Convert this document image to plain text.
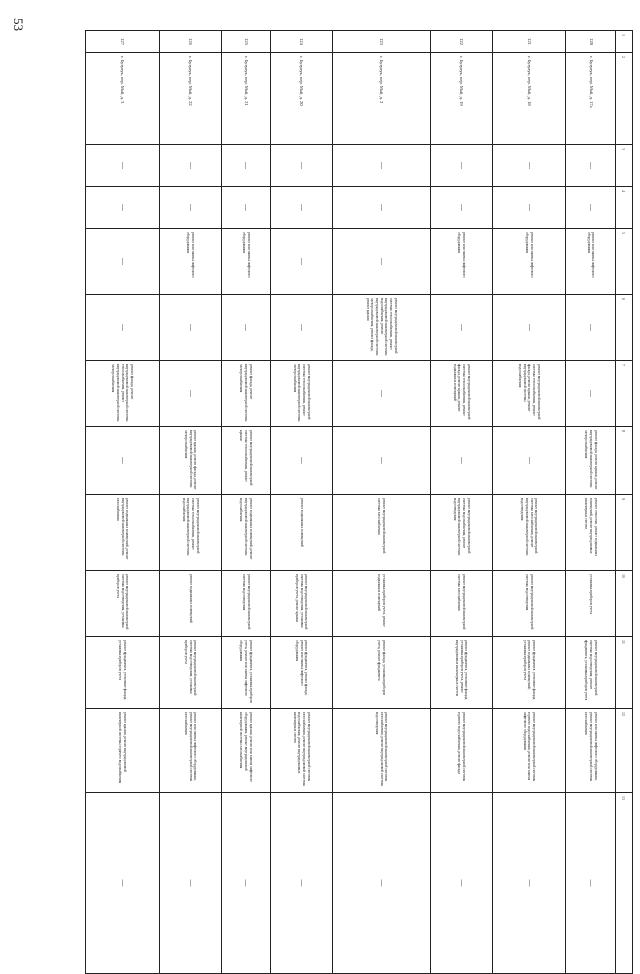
53
1	2	3	4	5	6	7	8	9	10	11	12	13
120	г. Бузулук, пер. Май, д. 17а	—	—	ремонт или замена лифтового оборудования	—	—	ремонт фасада, ремонт крыши, ремонт внутридомовой инженерной системы электроснабжения	ремонт отмостки, ремонт подвальных помещений, ремонт внутридомовых инженерных систем	установка приборов учета	ремонт внутридомовой инженерной системы водоотведения, ремонт фундамента, установка приборов учета	ремонт или замена лифтового оборудования, ремонт внутридомовой инженерной системы газоснабжения	—
121	г. Бузулук, пер. Май, д. 18	—	—	ремонт или замена лифтового оборудования	—	ремонт внутридомовой инженерной системы теплоснабжения, ремонт фасада, ремонт крыши, ремонт внутридомовой системы водоснабжения	—	ремонт внутридомовой инженерной системы газоснабжения, ремонт внутридомовой инженерной системы водоотведения	ремонт внутридомовой инженерной системы водоотведения	ремонт фундамента, утепление фасада, ремонт подвальных помещений, установка приборов учета	ремонт внутридомовой инженерной системы горячего водоснабжения, ремонт или замена лифтового оборудования	—
122	г. Бузулук, пер. Май, д. 19	—	—	ремонт или замена лифтового оборудования	—	ремонт внутридомовой инженерной системы теплоснабжения, ремонт фасада, ремонт крыши, ремонт подвальных помещений	—	ремонт внутридомовой инженерной системы водоснабжения, ремонт внутридомовой инженерной системы водоотведения	ремонт внутридомовой инженерной системы газоснабжения	ремонт фундамента, утепление фасада, установка приборов учета, ремонт внутридомовых инженерных систем	ремонт внутридомовой инженерной системы горячего водоснабжения, ремонт фасада	—
123	г. Бузулук, пер. Май, д. 2	—	—	—	ремонт внутридомовой инженерной системы теплоснабжения, ремонт внутридомовой инженерной системы водоснабжения, ремонт внутридомовой инженерной системы электроснабжения, ремонт фасада, ремонт крыши	—	—	ремонт внутридомовой инженерной системы газоснабжения	установка приборов учета, ремонт подвальных помещений	ремонт фасада, установка приборов учета, ремонт фундамента	ремонт внутридомовой инженерной системы газоснабжения, ремонт внутридомовой системы водоотведения	—
124	г. Бузулук, пер. Май, д. 20	—	—	—	—	ремонт внутридомовой инженерной системы теплоснабжения, ремонт внутридомовой инженерной системы электроснабжения	—	ремонт подвальных помещений	ремонт внутридомовой инженерной системы водоотведения, установка приборов учета, ремонт крыши	ремонт фундамента, ремонт фасада, ремонт или замена лифтового оборудования	ремонт внутридомовой инженерной системы газоснабжения, ремонт внутридомовой системы водоснабжения, ремонт внутридомовых инженерных систем	—
125	г. Бузулук, пер. Май, д. 21	—	—	ремонт или замена лифтового оборудования	—	ремонт фасада, ремонт внутридомовой инженерной системы электроснабжения	ремонт внутридомовой инженерной системы теплоснабжения, ремонт крыши	ремонт подвальных помещений, ремонт внутридомовой инженерной системы водоснабжения	ремонт внутридомовой инженерной системы водоотведения	ремонт фундамента, установка приборов учета, ремонт или замена лифтового оборудования	ремонт крыши, ремонт или замена лифтового оборудования, ремонт внутридомовой инженерной системы газоснабжения	—
126	г. Бузулук, пер. Май, д. 22	—	—	ремонт или замена лифтового оборудования	—	—	ремонт крыши, ремонт фасада, ремонт внутридомовой инженерной системы электроснабжения	ремонт внутридомовой инженерной системы теплоснабжения, ремонт внутридомовой инженерной системы водоснабжения	ремонт подвальных помещений	ремонт внутридомовой инженерной системы водоотведения, установка приборов учета	ремонт или замена лифтового оборудования, ремонт внутридомовой инженерной системы газоснабжения	—
127	г. Бузулук, пер. Май, д. 3	—	—	—	—	ремонт фасада, ремонт внутридомовой инженерной системы теплоснабжения, ремонт внутридомовой инженерной системы электроснабжения	—	ремонт подвальных помещений, ремонт внутридомовой инженерной системы газоснабжения	ремонт внутридомовой инженерной системы водоотведения, установка приборов учета	ремонт фундамента, утепление фасада, установка приборов учета	ремонт крыши, ремонт внутридомовой инженерной системы горячего водоснабжения	—
